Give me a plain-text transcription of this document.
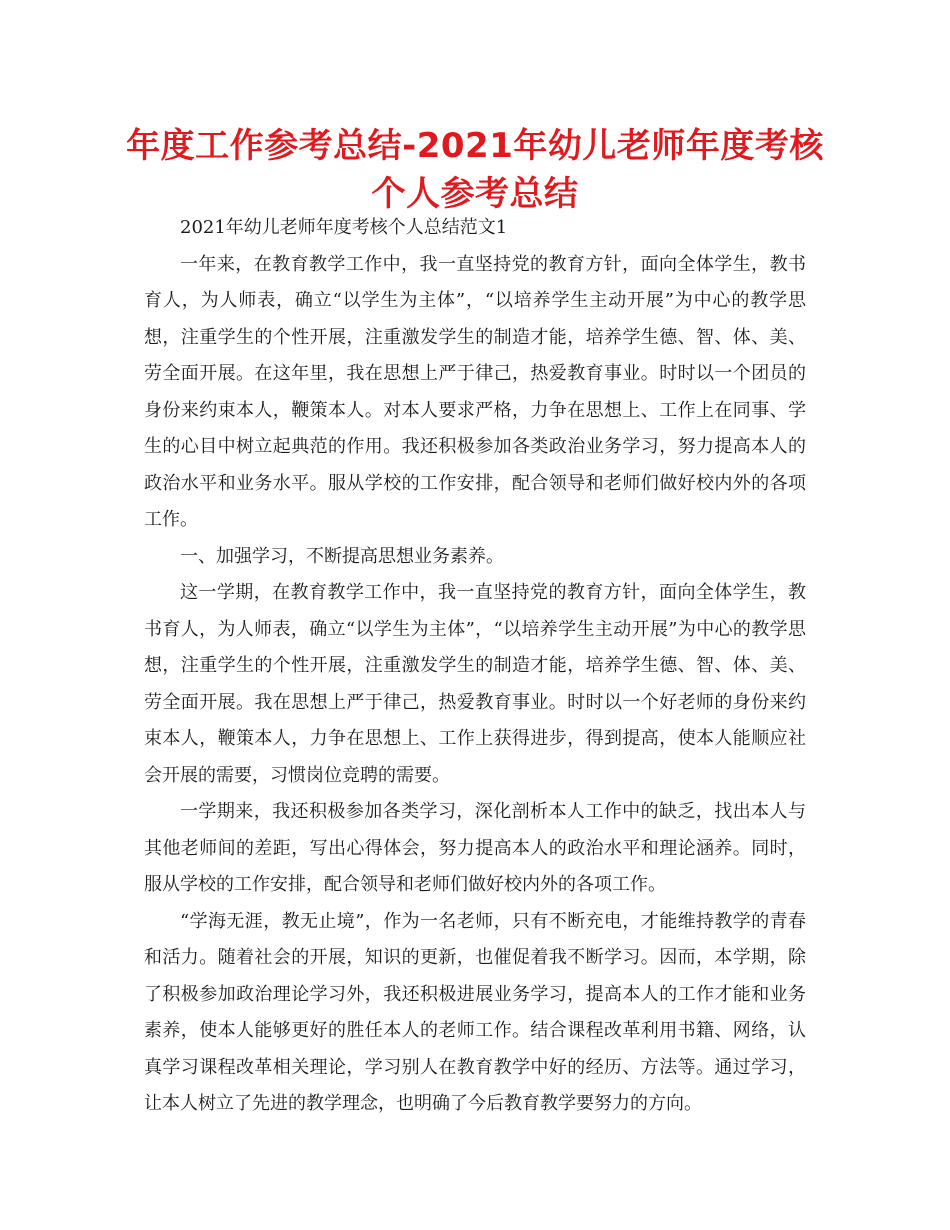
年度工作参考总结-2021年幼儿老师年度考核个人参考总结

2021年幼儿老师年度考核个人总结范文1

一年来，在教育教学工作中，我一直坚持党的教育方针，面向全体学生，教书育人，为人师表，确立“以学生为主体”，“以培养学生主动开展”为中心的教学思想，注重学生的个性开展，注重激发学生的制造才能，培养学生德、智、体、美、劳全面开展。在这年里，我在思想上严于律己，热爱教育事业。时时以一个团员的身份来约束本人，鞭策本人。对本人要求严格，力争在思想上、工作上在同事、学生的心目中树立起典范的作用。我还积极参加各类政治业务学习，努力提高本人的政治水平和业务水平。服从学校的工作安排，配合领导和老师们做好校内外的各项工作。

一、加强学习，不断提高思想业务素养。

这一学期，在教育教学工作中，我一直坚持党的教育方针，面向全体学生，教书育人，为人师表，确立“以学生为主体”，“以培养学生主动开展”为中心的教学思想，注重学生的个性开展，注重激发学生的制造才能，培养学生德、智、体、美、劳全面开展。我在思想上严于律己，热爱教育事业。时时以一个好老师的身份来约束本人，鞭策本人，力争在思想上、工作上获得进步，得到提高，使本人能顺应社会开展的需要，习惯岗位竞聘的需要。

一学期来，我还积极参加各类学习，深化剖析本人工作中的缺乏，找出本人与其他老师间的差距，写出心得体会，努力提高本人的政治水平和理论涵养。同时，服从学校的工作安排，配合领导和老师们做好校内外的各项工作。

“学海无涯，教无止境”，作为一名老师，只有不断充电，才能维持教学的青春和活力。随着社会的开展，知识的更新，也催促着我不断学习。因而，本学期，除了积极参加政治理论学习外，我还积极进展业务学习，提高本人的工作才能和业务素养，使本人能够更好的胜任本人的老师工作。结合课程改革利用书籍、网络，认真学习课程改革相关理论，学习别人在教育教学中好的经历、方法等。通过学习，让本人树立了先进的教学理念，也明确了今后教育教学要努力的方向。
